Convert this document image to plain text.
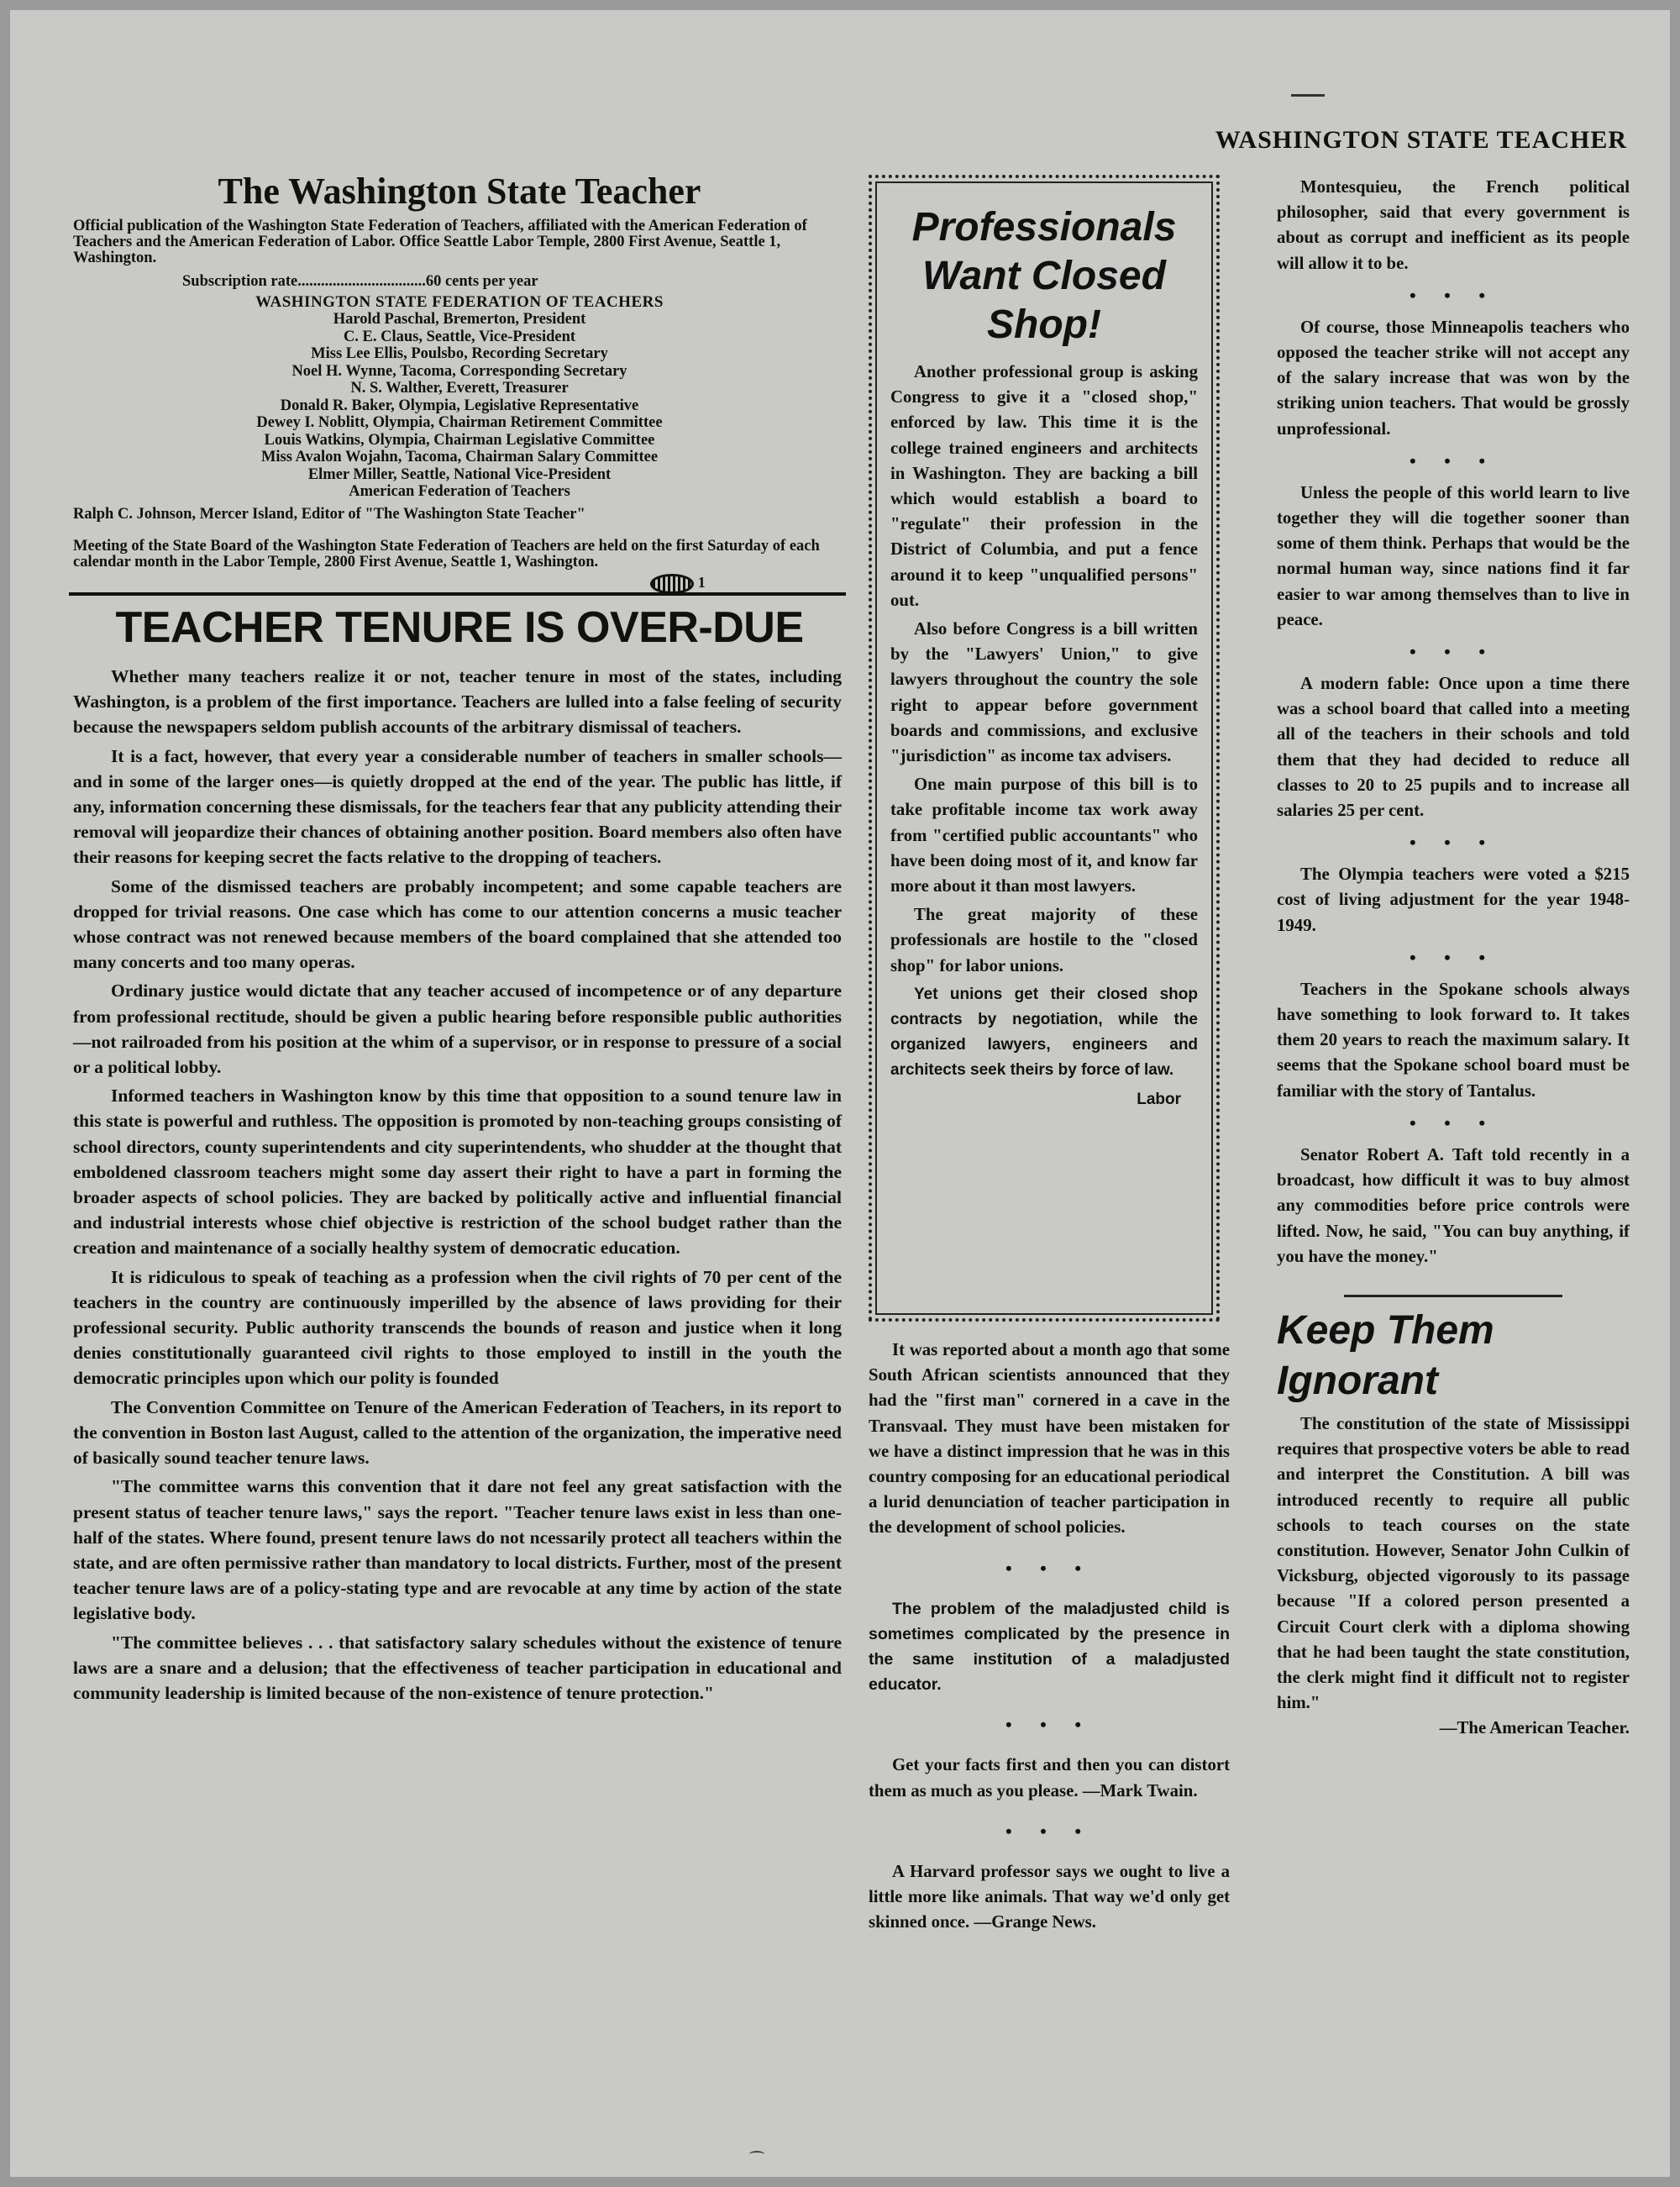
WASHINGTON STATE TEACHER
The Washington State Teacher

Official publication of the Washington State Federation of Teachers, affiliated with the American Federation of Teachers and the American Federation of Labor. Office Seattle Labor Temple, 2800 First Avenue, Seattle 1, Washington.

Subscription rate.................................60 cents per year

WASHINGTON STATE FEDERATION OF TEACHERS

Harold Paschal, Bremerton, President

C. E. Claus, Seattle, Vice-President

Miss Lee Ellis, Poulsbo, Recording Secretary

Noel H. Wynne, Tacoma, Corresponding Secretary

N. S. Walther, Everett, Treasurer

Donald R. Baker, Olympia, Legislative Representative

Dewey I. Noblitt, Olympia, Chairman Retirement Committee

Louis Watkins, Olympia, Chairman Legislative Committee

Miss Avalon Wojahn, Tacoma, Chairman Salary Committee

Elmer Miller, Seattle, National Vice-President

American Federation of Teachers

Ralph C. Johnson, Mercer Island, Editor of "The Washington State Teacher"

Meeting of the State Board of the Washington State Federation of Teachers are held on the first Saturday of each calendar month in the Labor Temple, 2800 First Avenue, Seattle 1, Washington.

1
TEACHER TENURE IS OVER-DUE

Whether many teachers realize it or not, teacher tenure in most of the states, including Washington, is a problem of the first importance. Teachers are lulled into a false feeling of security because the newspapers seldom publish accounts of the arbitrary dismissal of teachers.

It is a fact, however, that every year a considerable number of teachers in smaller schools—and in some of the larger ones—is quietly dropped at the end of the year. The public has little, if any, information concerning these dismissals, for the teachers fear that any publicity attending their removal will jeopardize their chances of obtaining another position. Board members also often have their reasons for keeping secret the facts relative to the dropping of teachers.

Some of the dismissed teachers are probably incompetent; and some capable teachers are dropped for trivial reasons. One case which has come to our attention concerns a music teacher whose contract was not renewed because members of the board complained that she attended too many concerts and too many operas.

Ordinary justice would dictate that any teacher accused of incompetence or of any departure from professional rectitude, should be given a public hearing before responsible public authorities—not railroaded from his position at the whim of a supervisor, or in response to pressure of a social or a political lobby.

Informed teachers in Washington know by this time that opposition to a sound tenure law in this state is powerful and ruthless. The opposition is promoted by non-teaching groups consisting of school directors, county superintendents and city superintendents, who shudder at the thought that emboldened classroom teachers might some day assert their right to have a part in forming the broader aspects of school policies. They are backed by politically active and influential financial and industrial interests whose chief objective is restriction of the school budget rather than the creation and maintenance of a socially healthy system of democratic education.

It is ridiculous to speak of teaching as a profession when the civil rights of 70 per cent of the teachers in the country are continuously imperilled by the absence of laws providing for their professional security. Public authority transcends the bounds of reason and justice when it long denies constitutionally guaranteed civil rights to those employed to instill in the youth the democratic principles upon which our polity is founded

The Convention Committee on Tenure of the American Federation of Teachers, in its report to the convention in Boston last August, called to the attention of the organization, the imperative need of basically sound teacher tenure laws.

"The committee warns this convention that it dare not feel any great satisfaction with the present status of teacher tenure laws," says the report. "Teacher tenure laws exist in less than one-half of the states. Where found, present tenure laws do not ncessarily protect all teachers within the state, and are often permissive rather than mandatory to local districts. Further, most of the present teacher tenure laws are of a policy-stating type and are revocable at any time by action of the state legislative body.

"The committee believes . . . that satisfactory salary schedules without the existence of tenure laws are a snare and a delusion; that the effectiveness of teacher participation in educational and community leadership is limited because of the non-existence of tenure protection."

Professionals
Want Closed
Shop!

Another professional group is asking Congress to give it a "closed shop," enforced by law. This time it is the college trained engineers and architects in Washington. They are backing a bill which would establish a board to "regulate" their profession in the District of Columbia, and put a fence around it to keep "unqualified persons" out.

Also before Congress is a bill written by the "Lawyers' Union," to give lawyers throughout the country the sole right to appear before government boards and commissions, and exclusive "jurisdiction" as income tax advisers.

One main purpose of this bill is to take profitable income tax work away from "certified public accountants" who have been doing most of it, and know far more about it than most lawyers.

The great majority of these professionals are hostile to the "closed shop" for labor unions.

Yet unions get their closed shop contracts by negotiation, while the organized lawyers, engineers and architects seek theirs by force of law.

Labor

It was reported about a month ago that some South African scientists announced that they had the "first man" cornered in a cave in the Transvaal. They must have been mistaken for we have a distinct impression that he was in this country composing for an educational periodical a lurid denunciation of teacher participation in the development of school policies.

• • •

The problem of the maladjusted child is sometimes complicated by the presence in the same institution of a maladjusted educator.

• • •

Get your facts first and then you can distort them as much as you please. —Mark Twain.

• • •

A Harvard professor says we ought to live a little more like animals. That way we'd only get skinned once. —Grange News.

Montesquieu, the French political philosopher, said that every government is about as corrupt and inefficient as its people will allow it to be.

• • •

Of course, those Minneapolis teachers who opposed the teacher strike will not accept any of the salary increase that was won by the striking union teachers. That would be grossly unprofessional.

• • •

Unless the people of this world learn to live together they will die together sooner than some of them think. Perhaps that would be the normal human way, since nations find it far easier to war among themselves than to live in peace.

• • •

A modern fable: Once upon a time there was a school board that called into a meeting all of the teachers in their schools and told them that they had decided to reduce all classes to 20 to 25 pupils and to increase all salaries 25 per cent.

• • •

The Olympia teachers were voted a $215 cost of living adjustment for the year 1948-1949.

• • •

Teachers in the Spokane schools always have something to look forward to. It takes them 20 years to reach the maximum salary. It seems that the Spokane school board must be familiar with the story of Tantalus.

• • •

Senator Robert A. Taft told recently in a broadcast, how difficult it was to buy almost any commodities before price controls were lifted. Now, he said, "You can buy anything, if you have the money."

Keep Them
Ignorant

The constitution of the state of Mississippi requires that prospective voters be able to read and interpret the Constitution. A bill was introduced recently to require all public schools to teach courses on the state constitution. However, Senator John Culkin of Vicksburg, objected vigorously to its passage because "If a colored person presented a Circuit Court clerk with a diploma showing that he had been taught the state constitution, the clerk might find it difficult not to register him."

—The American Teacher.
